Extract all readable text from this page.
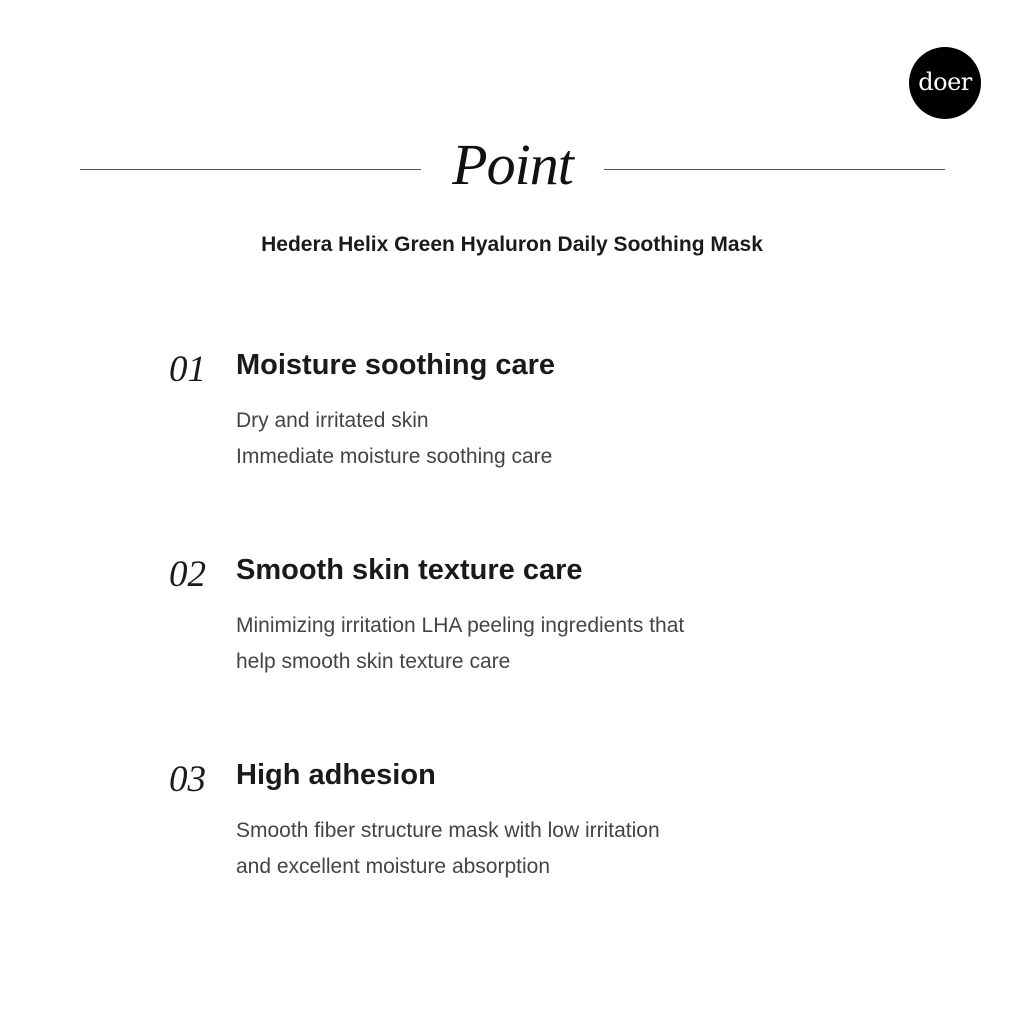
doer
Point
Hedera Helix Green Hyaluron Daily Soothing Mask
01 Moisture soothing care
Dry and irritated skin
Immediate moisture soothing care
02 Smooth skin texture care
Minimizing irritation LHA peeling ingredients that
help smooth skin texture care
03 High adhesion
Smooth fiber structure mask with low irritation
and excellent moisture absorption
